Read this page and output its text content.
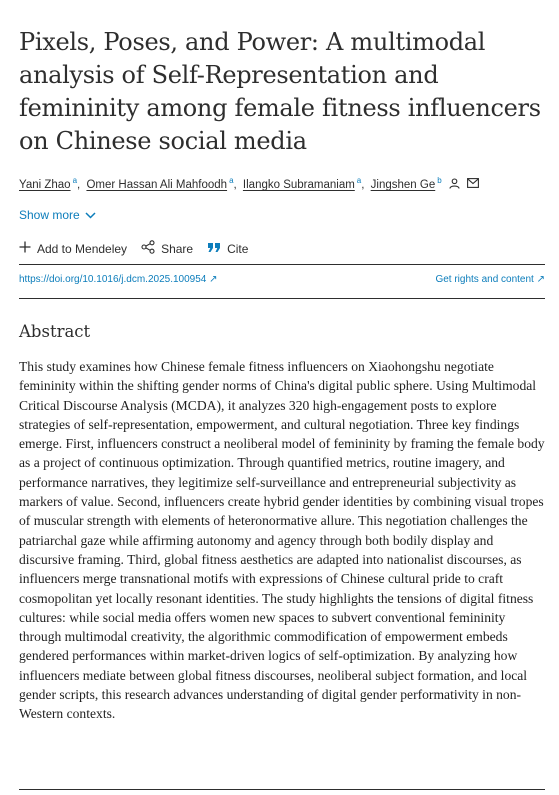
Pixels, Poses, and Power: A multimodal analysis of Self-Representation and femininity among female fitness influencers on Chinese social media
Yani Zhao $^a$, Omer Hassan Ali Mahfoodh $^a$, Ilangko Subramaniam $^a$, Jingshen Ge $^b$
Show more
Add to Mendeley	Share	Cite
https://doi.org/10.1016/j.dcm.2025.100954 ↗	Get rights and content ↗
Abstract
This study examines how Chinese female fitness influencers on Xiaohongshu negotiate femininity within the shifting gender norms of China's digital public sphere. Using Multimodal Critical Discourse Analysis (MCDA), it analyzes 320 high-engagement posts to explore strategies of self-representation, empowerment, and cultural negotiation. Three key findings emerge. First, influencers construct a neoliberal model of femininity by framing the female body as a project of continuous optimization. Through quantified metrics, routine imagery, and performance narratives, they legitimize self-surveillance and entrepreneurial subjectivity as markers of value. Second, influencers create hybrid gender identities by combining visual tropes of muscular strength with elements of heteronormative allure. This negotiation challenges the patriarchal gaze while affirming autonomy and agency through both bodily display and discursive framing. Third, global fitness aesthetics are adapted into nationalist discourses, as influencers merge transnational motifs with expressions of Chinese cultural pride to craft cosmopolitan yet locally resonant identities. The study highlights the tensions of digital fitness cultures: while social media offers women new spaces to subvert conventional femininity through multimodal creativity, the algorithmic commodification of empowerment embeds gendered performances within market-driven logics of self-optimization. By analyzing how influencers mediate between global fitness discourses, neoliberal subject formation, and local gender scripts, this research advances understanding of digital gender performativity in non-Western contexts.
